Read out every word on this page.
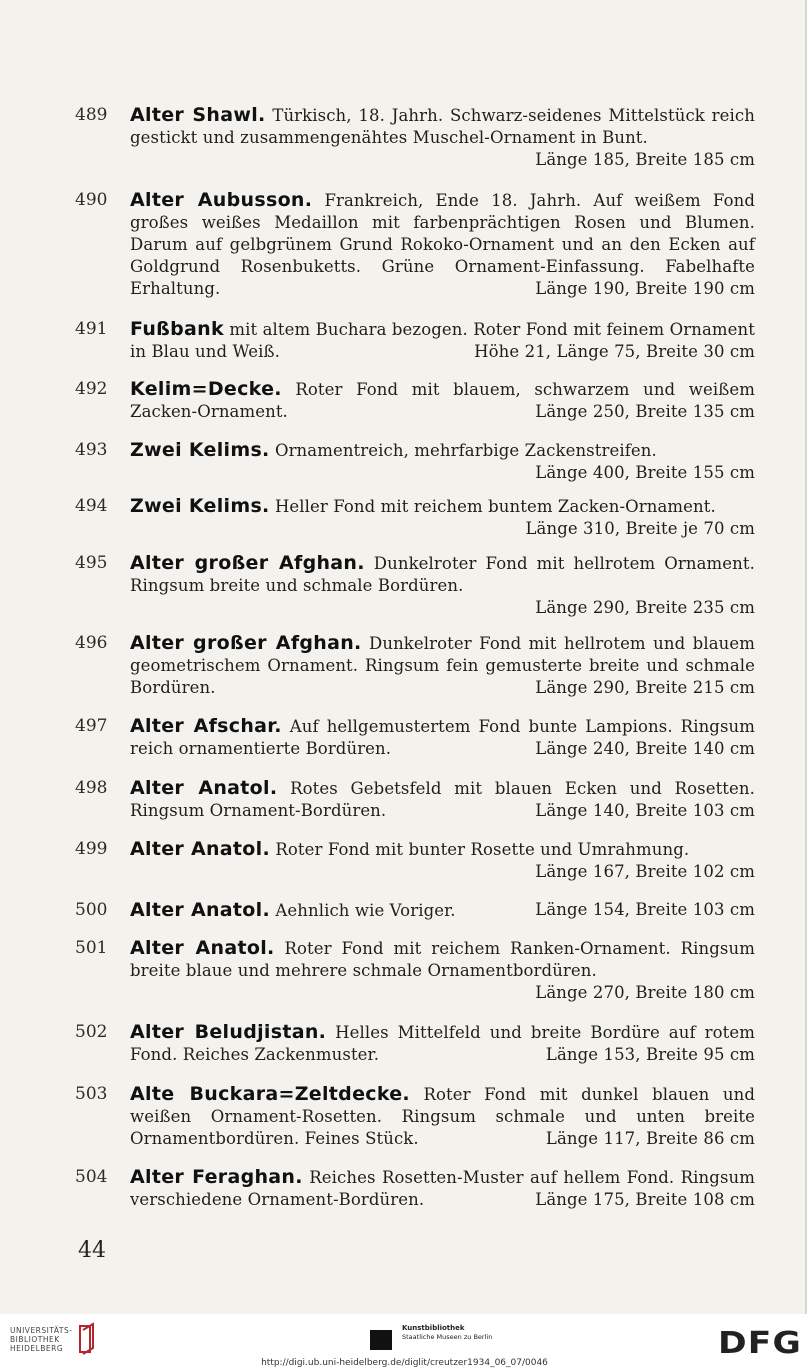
489 Alter Shawl. Türkisch, 18. Jahrh. Schwarz-seidenes Mittelstück reich gestickt und zusammengenähtes Muschel-Ornament in Bunt.
Länge 185, Breite 185 cm
490 Alter Aubusson. Frankreich, Ende 18. Jahrh. Auf weißem Fond großes weißes Medaillon mit farbenprächtigen Rosen und Blumen. Darum auf gelbgrünem Grund Rokoko-Ornament und an den Ecken auf Goldgrund Rosenbuketts. Grüne Ornament-Einfassung. Fabelhafte Erhaltung.	Länge 190, Breite 190 cm
491 Fußbank mit altem Buchara bezogen. Roter Fond mit feinem Ornament in Blau und Weiß.	Höhe 21, Länge 75, Breite 30 cm
492 Kelim=Decke. Roter Fond mit blauem, schwarzem und weißem Zacken-Ornament.	Länge 250, Breite 135 cm
493 Zwei Kelims. Ornamentreich, mehrfarbige Zackenstreifen.
Länge 400, Breite 155 cm
494 Zwei Kelims. Heller Fond mit reichem buntem Zacken-Ornament.
Länge 310, Breite je 70 cm
495 Alter großer Afghan. Dunkelroter Fond mit hellrotem Ornament. Ringsum breite und schmale Bordüren.
Länge 290, Breite 235 cm
496 Alter großer Afghan. Dunkelroter Fond mit hellrotem und blauem geometrischem Ornament. Ringsum fein gemusterte breite und schmale Bordüren.	Länge 290, Breite 215 cm
497 Alter Afschar. Auf hellgemustertem Fond bunte Lampions. Ringsum reich ornamentierte Bordüren.	Länge 240, Breite 140 cm
498 Alter Anatol. Rotes Gebetsfeld mit blauen Ecken und Rosetten. Ringsum Ornament-Bordüren.	Länge 140, Breite 103 cm
499 Alter Anatol. Roter Fond mit bunter Rosette und Umrahmung.
Länge 167, Breite 102 cm
500 Alter Anatol. Aehnlich wie Voriger.	Länge 154, Breite 103 cm
501 Alter Anatol. Roter Fond mit reichem Ranken-Ornament. Ringsum breite blaue und mehrere schmale Ornamentbordüren.
Länge 270, Breite 180 cm
502 Alter Beludjistan. Helles Mittelfeld und breite Bordüre auf rotem Fond. Reiches Zackenmuster.	Länge 153, Breite 95 cm
503 Alte Buckara=Zeltdecke. Roter Fond mit dunkel blauen und weißen Ornament-Rosetten. Ringsum schmale und unten breite Ornamentbordüren. Feines Stück.	Länge 117, Breite 86 cm
504 Alter Feraghan. Reiches Rosetten-Muster auf hellem Fond. Ringsum verschiedene Ornament-Bordüren.	Länge 175, Breite 108 cm
44
UNIVERSITÄTS-
BIBLIOTHEK
HEIDELBERG
Kunstbibliothek
Staatliche Museen zu Berlin	DFG
http://digi.ub.uni-heidelberg.de/diglit/creutzer1934_06_07/0046
